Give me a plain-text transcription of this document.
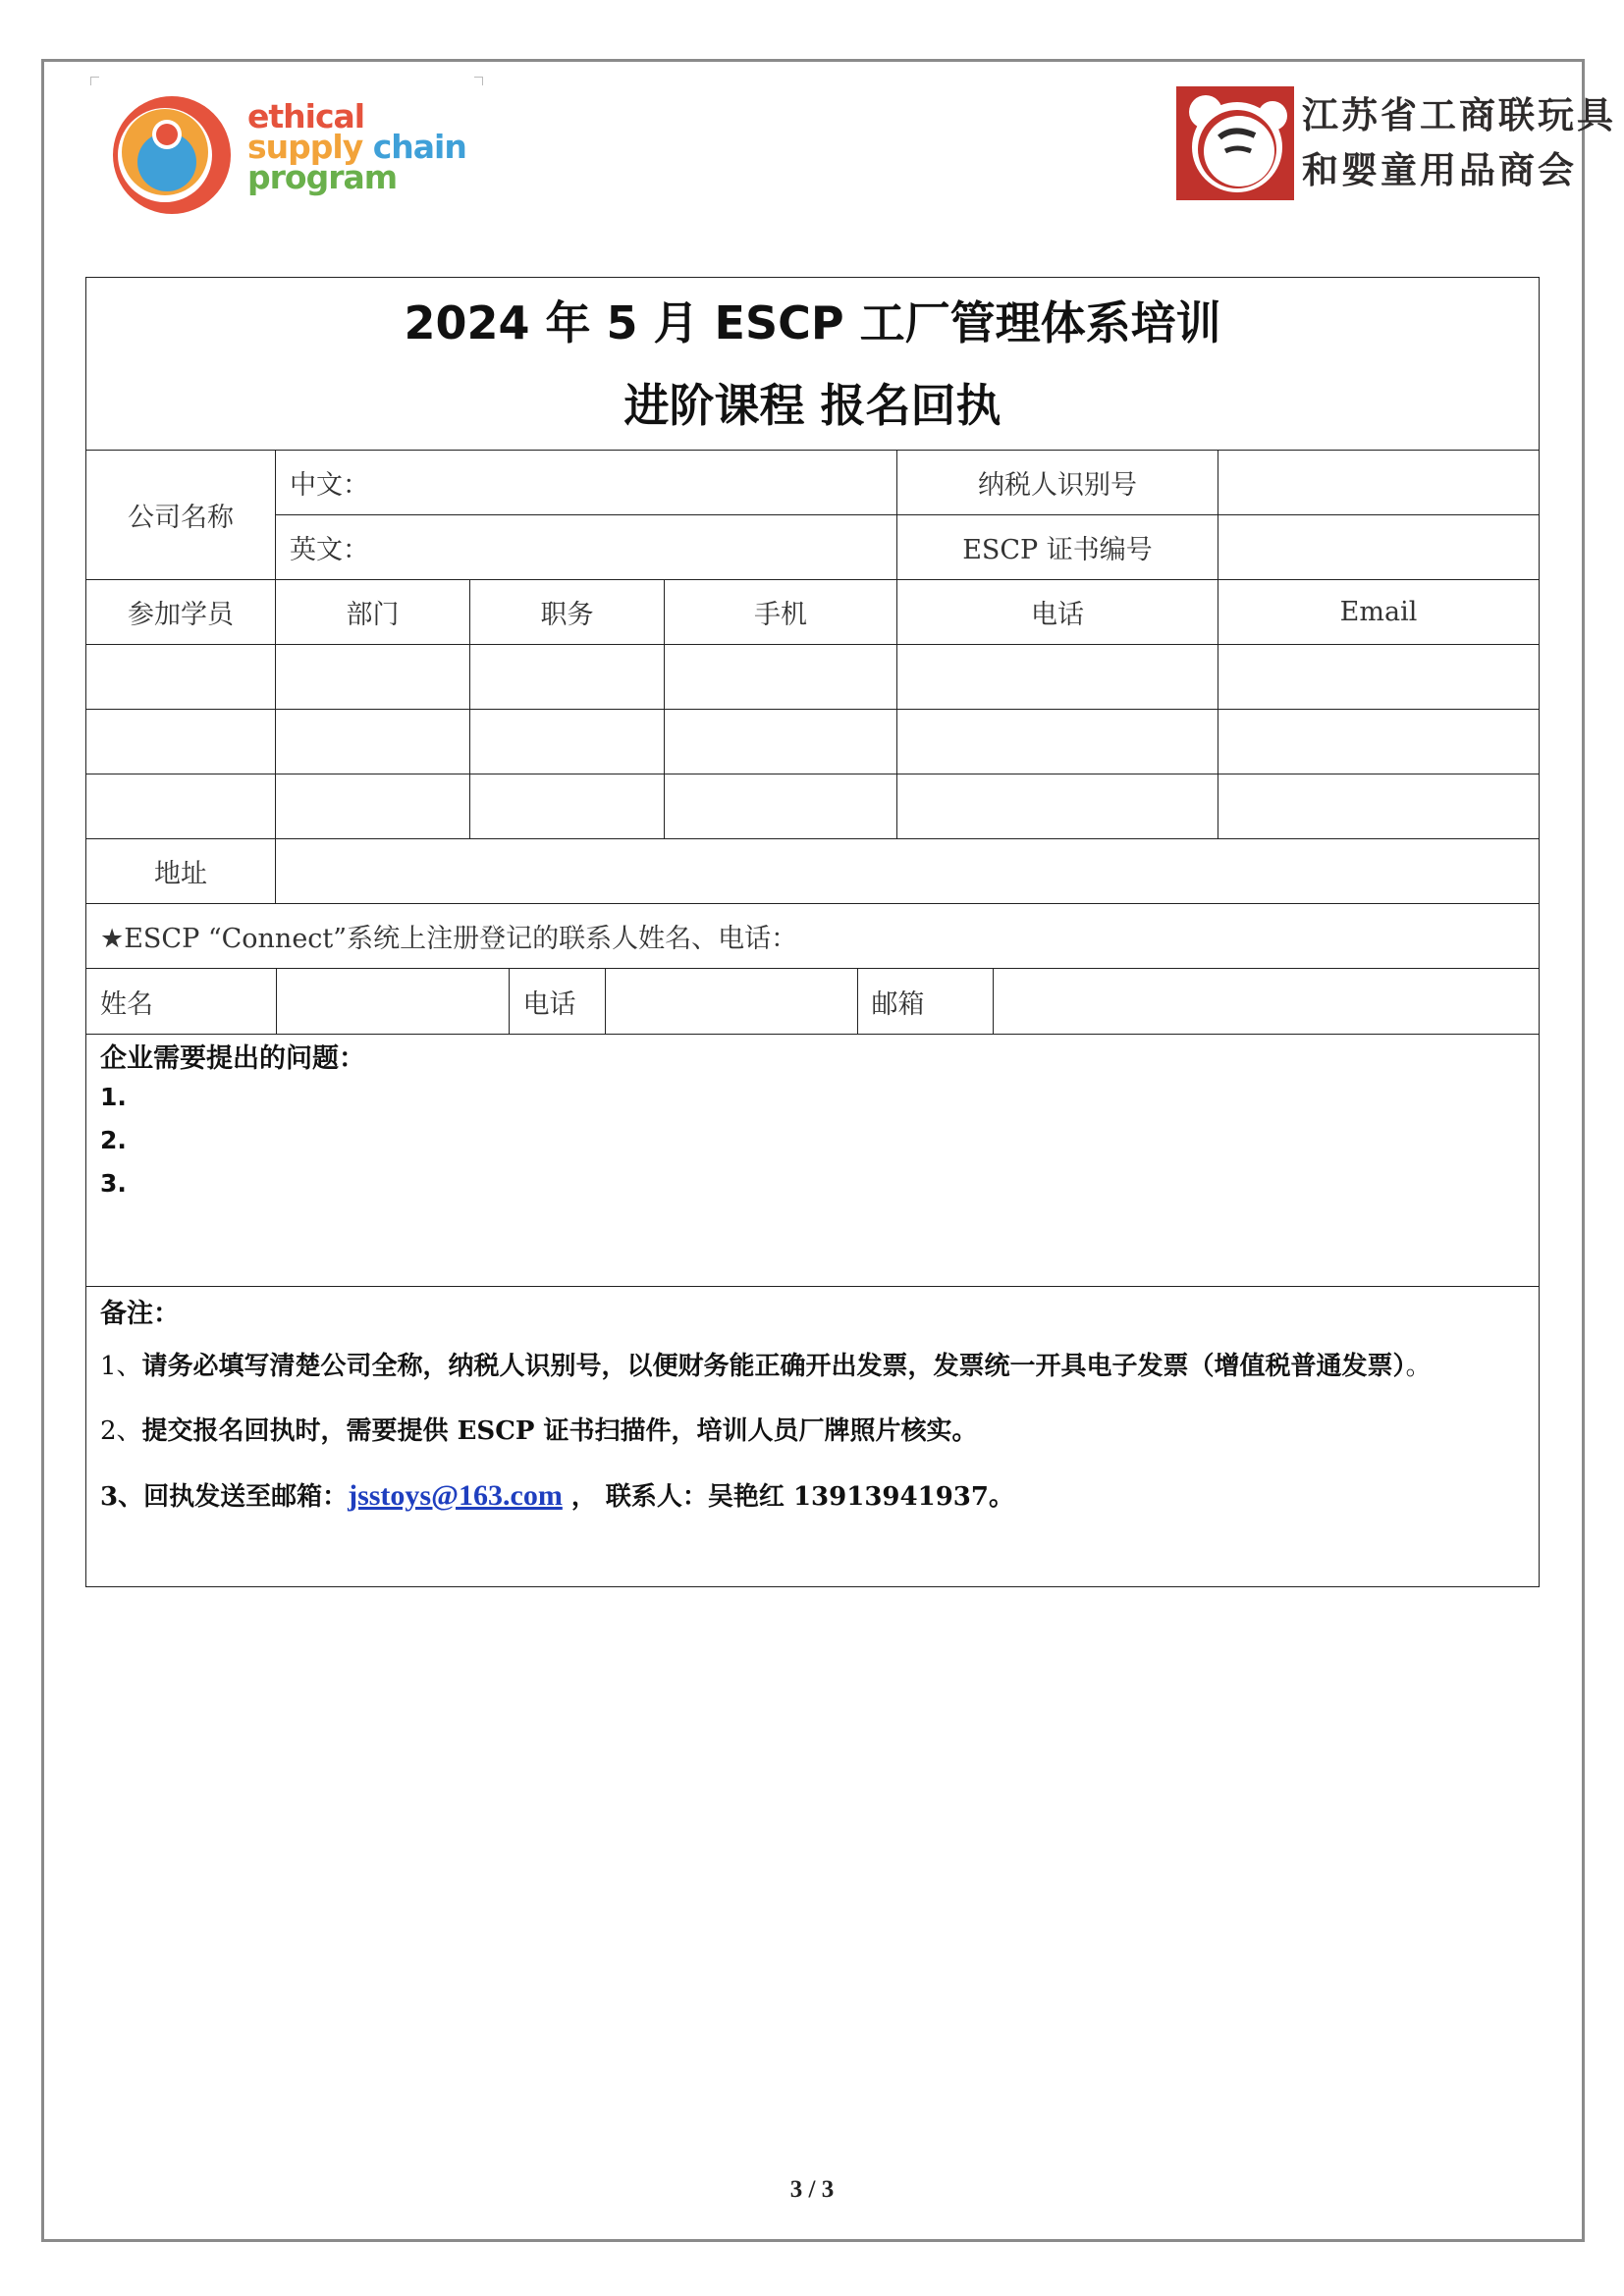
ethical
supply chain
program
江苏省工商联玩具
和婴童用品商会
2024 年 5 月 ESCP 工厂管理体系培训
进阶课程 报名回执

公司名称	中文：	纳税人识别号	
英文：	ESCP 证书编号	
参加学员	部门	职务	手机	电话	Email

地址	
★ESCP “Connect”系统上注册登记的联系人姓名、电话：

姓名		电话		邮箱	

企业需要提出的问题：
1.
2.
3.

备注：
1、请务必填写清楚公司全称，纳税人识别号，以便财务能正确开出发票，发票统一开具电子发票（增值税普通发票）。
2、提交报名回执时，需要提供 ESCP 证书扫描件，培训人员厂牌照片核实。
3、回执发送至邮箱：jsstoys@163.com ， 联系人：吴艳红 13913941937。
3 / 3
